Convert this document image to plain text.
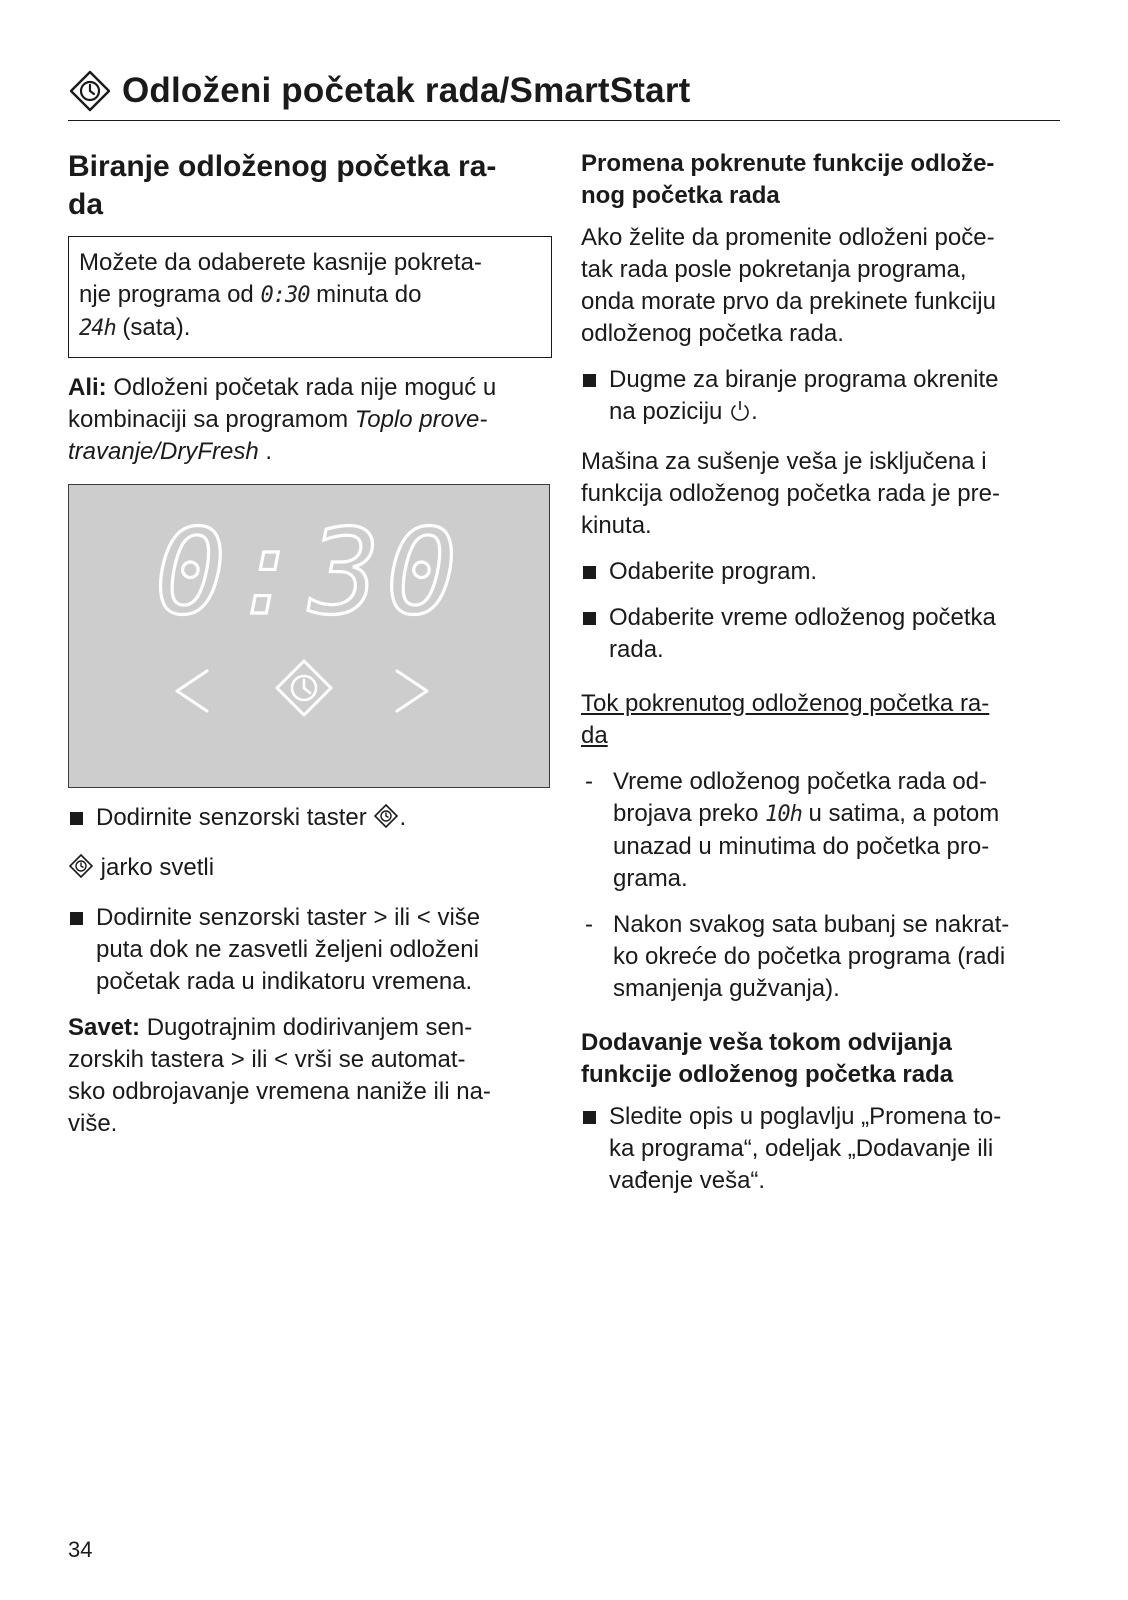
Odloženi početak rada/SmartStart
Biranje odloženog početka ra-
da
Možete da odaberete kasnije pokreta-
nje programa od 0:30 minuta do
24h (sata).
Ali: Odloženi početak rada nije moguć u
kombinaciji sa programom Toplo prove-
travanje/DryFresh .
0:30
Dodirnite senzorski taster .
jarko svetli
Dodirnite senzorski taster > ili < više
puta dok ne zasvetli željeni odloženi
početak rada u indikatoru vremena.
Savet: Dugotrajnim dodirivanjem sen-
zorskih tastera > ili < vrši se automat-
sko odbrojavanje vremena naniže ili na-
više.
Promena pokrenute funkcije odlože-
nog početka rada
Ako želite da promenite odloženi poče-
tak rada posle pokretanja programa,
onda morate prvo da prekinete funkciju
odloženog početka rada.
Dugme za biranje programa okrenite
na poziciju .
Mašina za sušenje veša je isključena i
funkcija odloženog početka rada je pre-
kinuta.
Odaberite program.
Odaberite vreme odloženog početka
rada.
Tok pokrenutog odloženog početka ra-
da
- Vreme odloženog početka rada od-
brojava preko 10h u satima, a potom
unazad u minutima do početka pro-
grama.
- Nakon svakog sata bubanj se nakrat-
ko okreće do početka programa (radi
smanjenja gužvanja).
Dodavanje veša tokom odvijanja
funkcije odloženog početka rada
Sledite opis u poglavlju „Promena to-
ka programa“, odeljak „Dodavanje ili
vađenje veša“.
34
